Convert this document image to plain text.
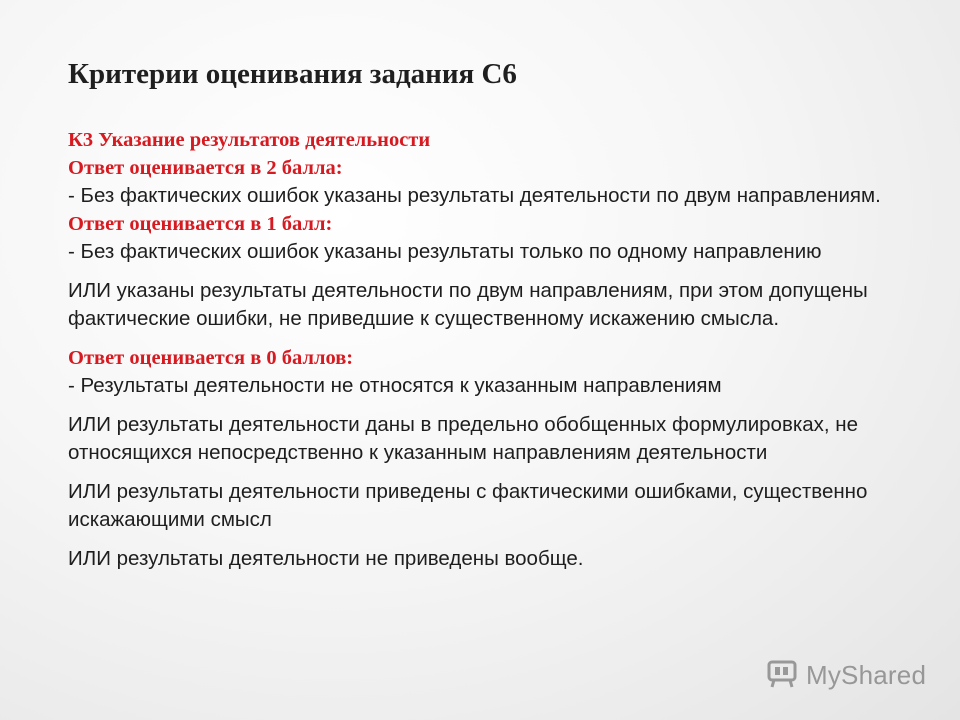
Критерии оценивания задания С6
К3 Указание результатов деятельности
Ответ оценивается в 2 балла:
- Без фактических ошибок указаны результаты деятельности по двум направлениям.
Ответ оценивается в 1 балл:
- Без фактических ошибок указаны результаты только по одному направлению
ИЛИ указаны результаты деятельности по двум направлениям, при этом допущены
фактические ошибки, не приведшие к существенному искажению смысла.
Ответ оценивается в 0 баллов:
- Результаты деятельности не относятся к указанным направлениям
ИЛИ результаты деятельности даны в предельно обобщенных формулировках, не
относящихся непосредственно к указанным направлениям деятельности
ИЛИ результаты деятельности приведены с фактическими ошибками, существенно
искажающими смысл
ИЛИ результаты деятельности не приведены вообще.
MyShared
